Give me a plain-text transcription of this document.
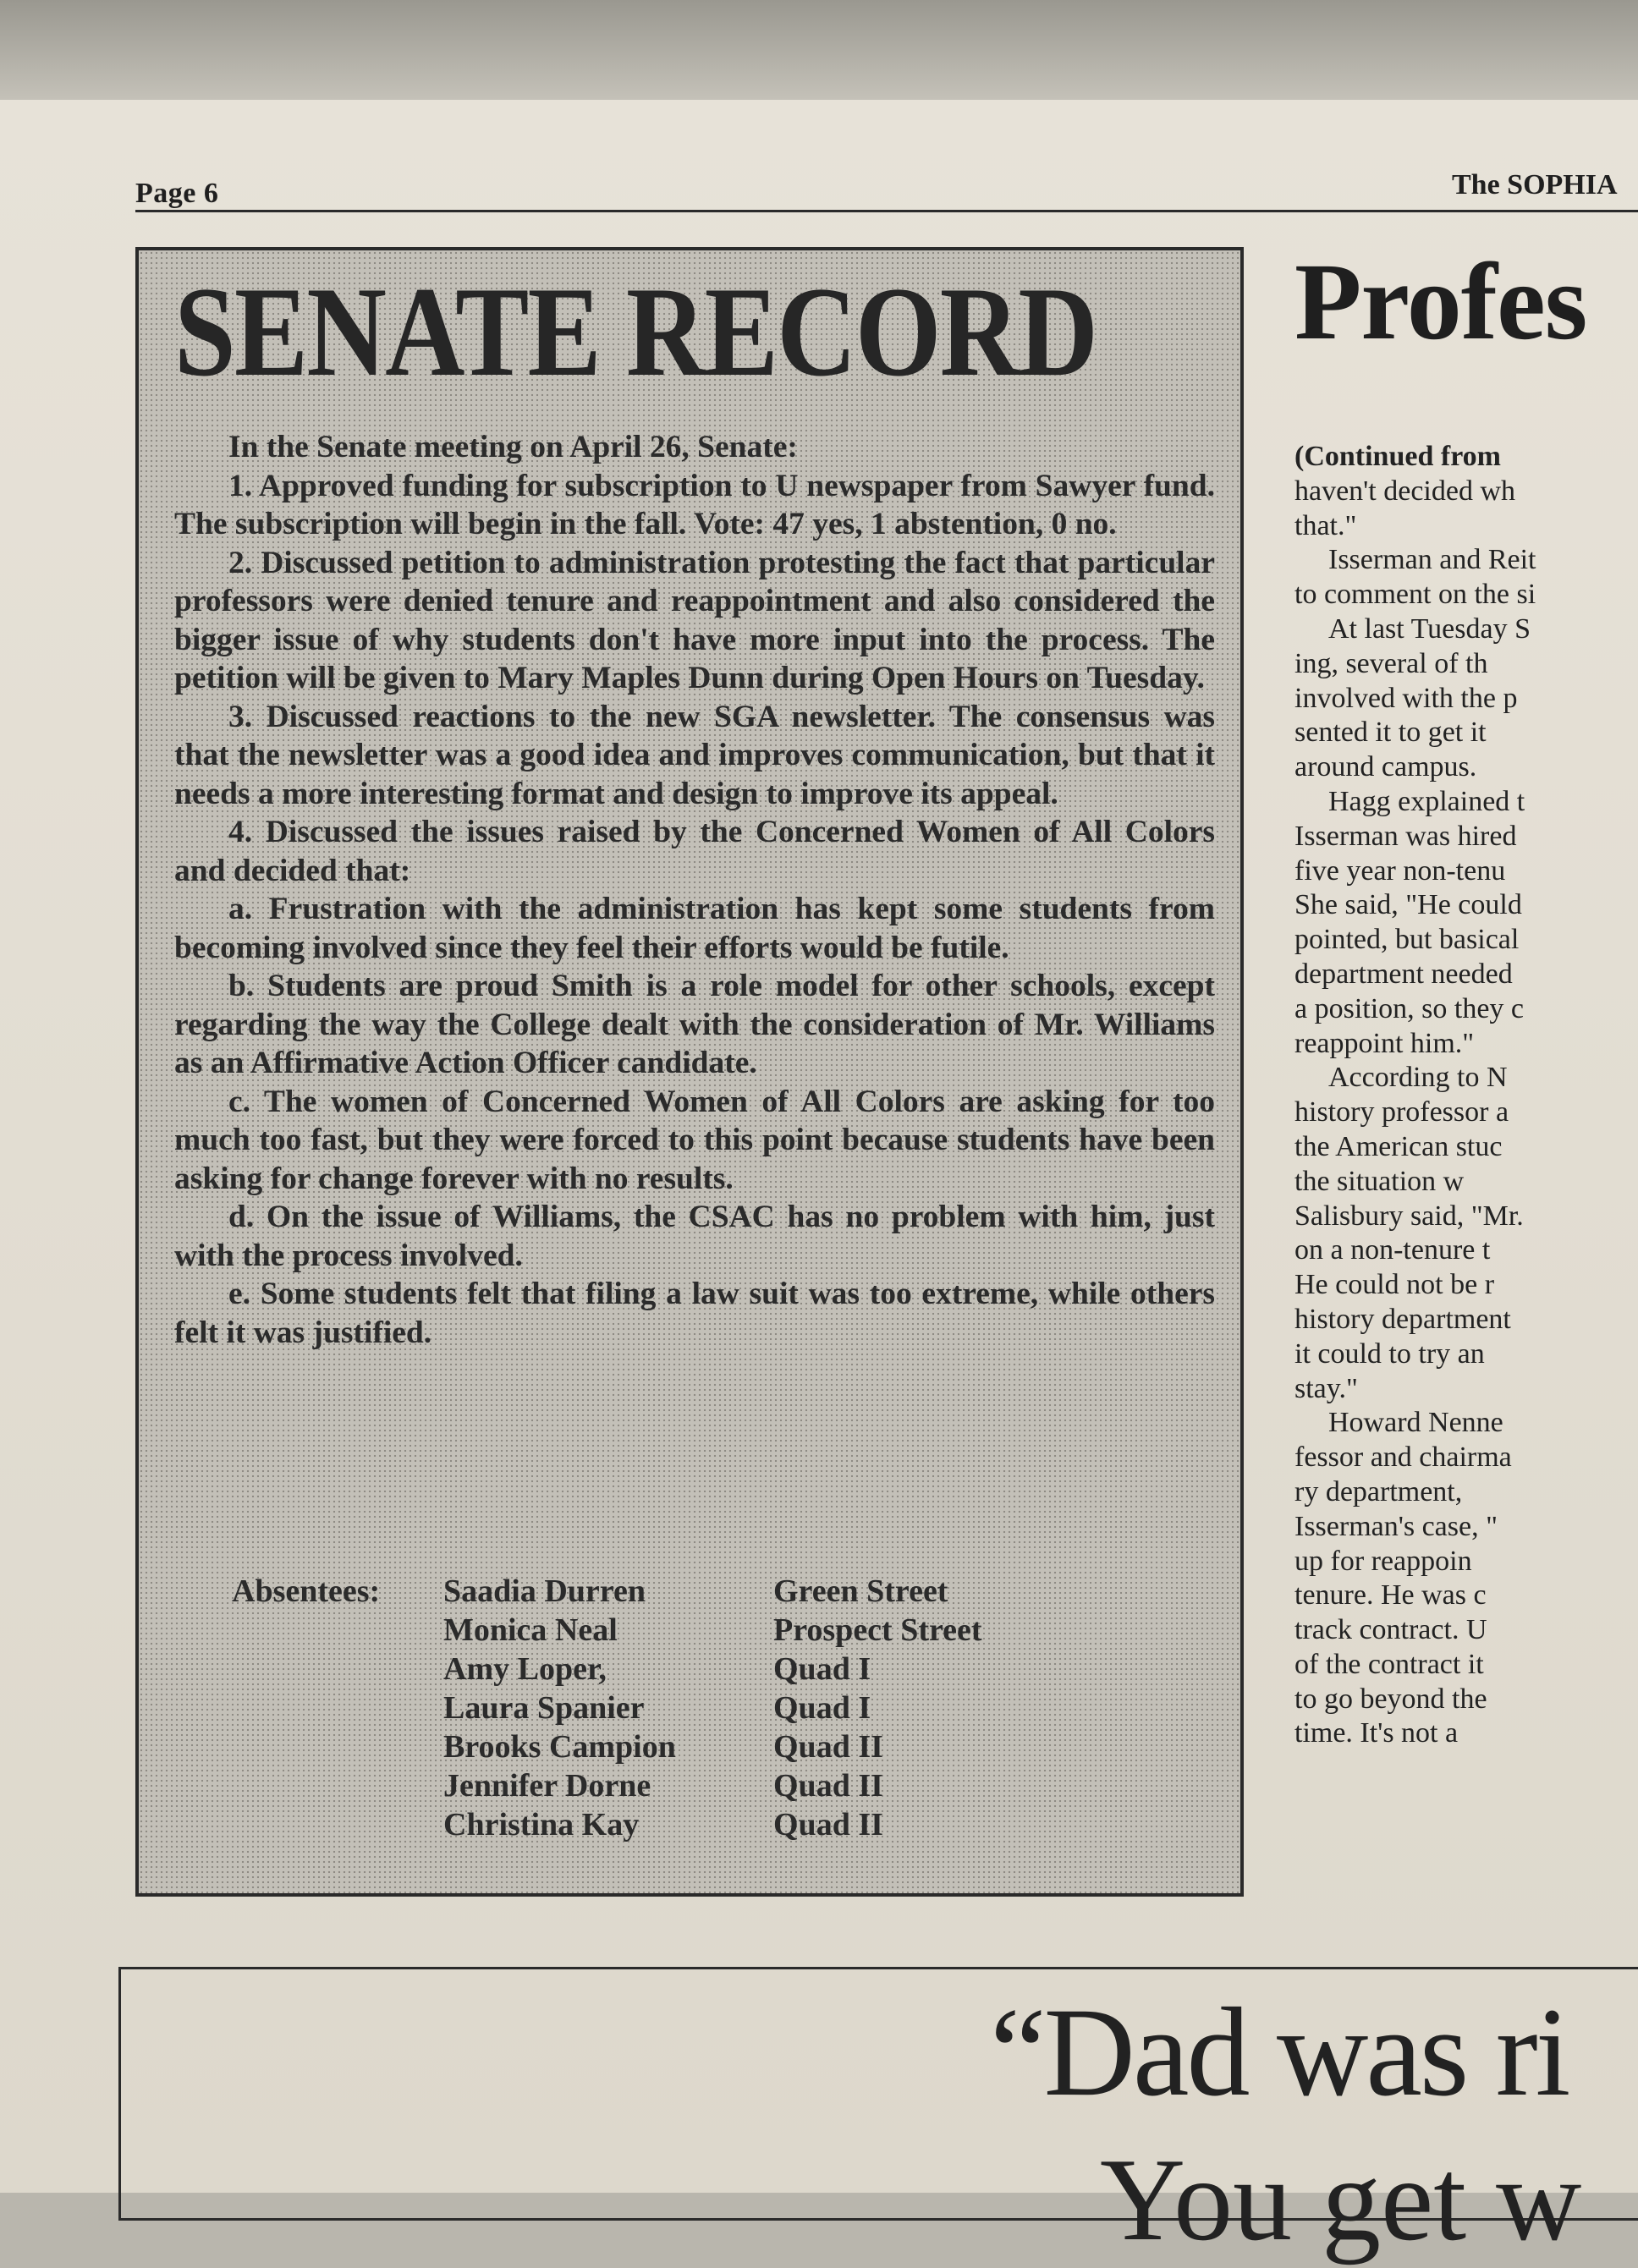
Page 6	The SOPHIA
SENATE RECORD

In the Senate meeting on April 26, Senate:

1. Approved funding for subscription to U newspaper from Sawyer fund. The subscription will begin in the fall. Vote: 47 yes, 1 abstention, 0 no.

2. Discussed petition to administration protesting the fact that particular professors were denied tenure and reappointment and also considered the bigger issue of why students don't have more input into the process. The petition will be given to Mary Maples Dunn during Open Hours on Tuesday.

3. Discussed reactions to the new SGA newsletter. The consensus was that the newsletter was a good idea and improves communication, but that it needs a more interesting format and design to improve its appeal.

4. Discussed the issues raised by the Concerned Women of All Colors and decided that:

a. Frustration with the administration has kept some students from becoming involved since they feel their efforts would be futile.

b. Students are proud Smith is a role model for other schools, except regarding the way the College dealt with the consideration of Mr. Williams as an Affirmative Action Officer candidate.

c. The women of Concerned Women of All Colors are asking for too much too fast, but they were forced to this point because students have been asking for change forever with no results.

d. On the issue of Williams, the CSAC has no problem with him, just with the process involved.

e. Some students felt that filing a law suit was too extreme, while others felt it was justified.

Absentees: Saadia Durren
Monica Neal
Amy Loper,
Laura Spanier
Brooks Campion
Jennifer Dorne
Christina Kay
Green Street
Prospect Street
Quad I
Quad I
Quad II
Quad II
Quad II
Profes
(Continued from
haven't decided wh
that."
Isserman and Reit
to comment on the si
At last Tuesday S
ing, several of th
involved with the p
sented it to get it
around campus.
Hagg explained t
Isserman was hired
five year non-tenu
She said, "He could
pointed, but basical
department needed
a position, so they c
reappoint him."
According to N
history professor a
the American stuc
the situation w
Salisbury said, "Mr.
on a non-tenure t
He could not be r
history department
it could to try an
stay."
Howard Nenne
fessor and chairma
ry department,
Isserman's case, "
up for reappoin
tenure. He was c
track contract. U
of the contract it
to go beyond the
time. It's not a
“Dad was ri
You get w
